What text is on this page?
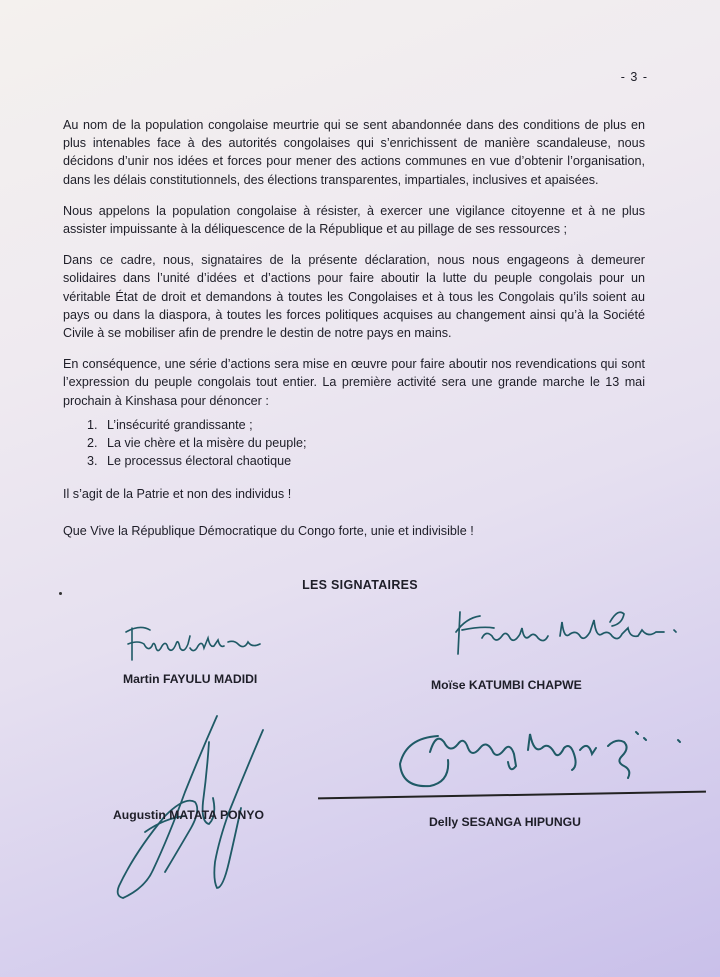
- 3 -

Au nom de la population congolaise meurtrie qui se sent abandonnée dans des conditions de plus en plus intenables face à des autorités congolaises qui s’enrichissent de manière scandaleuse, nous décidons d’unir nos idées et forces pour mener des actions communes en vue d’obtenir l’organisation, dans les délais constitutionnels, des élections transparentes, impartiales, inclusives et apaisées.

Nous appelons la population congolaise à résister, à exercer une vigilance citoyenne et à ne plus assister impuissante à la déliquescence de la République et au pillage de ses ressources ;

Dans ce cadre, nous, signataires de la présente déclaration, nous nous engageons à demeurer solidaires dans l’unité d’idées et d’actions pour faire aboutir la lutte du peuple congolais pour un véritable État de droit et demandons à toutes les Congolaises et à tous les Congolais qu’ils soient au pays ou dans la diaspora, à toutes les forces politiques acquises au changement ainsi qu’à la Société Civile à se mobiliser afin de prendre le destin de notre pays en mains.

En conséquence, une série d’actions sera mise en œuvre pour faire aboutir nos revendications qui sont l’expression du peuple congolais tout entier. La première activité sera une grande marche le 13 mai prochain à Kinshasa pour dénoncer :

1. L’insécurité grandissante ;
2. La vie chère et la misère du peuple;
3. Le processus électoral chaotique

Il s’agit de la Patrie et non des individus !

Que Vive la République Démocratique du Congo forte, unie et indivisible !

LES SIGNATAIRES
Martin FAYULU MADIDI	Moïse KATUMBI CHAPWE
Augustin MATATA PONYO	Delly SESANGA HIPUNGU
